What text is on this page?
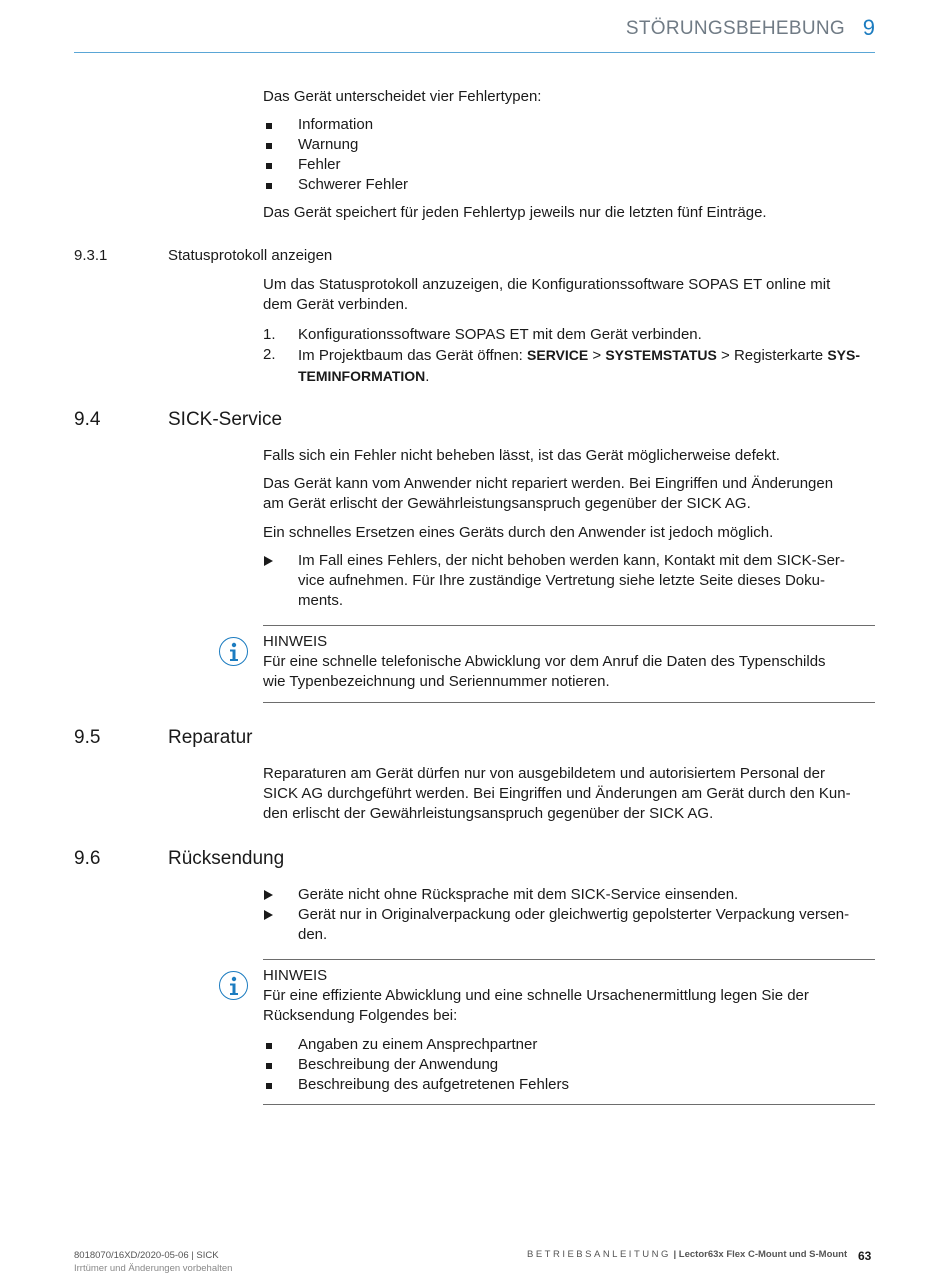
STÖRUNGSBEHEBUNG 9
Das Gerät unterscheidet vier Fehlertypen:
Information
Warnung
Fehler
Schwerer Fehler
Das Gerät speichert für jeden Fehlertyp jeweils nur die letzten fünf Einträge.
9.3.1	Statusprotokoll anzeigen
Um das Statusprotokoll anzuzeigen, die Konfigurationssoftware SOPAS ET online mit
dem Gerät verbinden.
1.	Konfigurationssoftware SOPAS ET mit dem Gerät verbinden.
2.	Im Projektbaum das Gerät öffnen: SERVICE > SYSTEMSTATUS > Registerkarte SYS-
TEMINFORMATION.
9.4	SICK-Service
Falls sich ein Fehler nicht beheben lässt, ist das Gerät möglicherweise defekt.
Das Gerät kann vom Anwender nicht repariert werden. Bei Eingriffen und Änderungen
am Gerät erlischt der Gewährleistungsanspruch gegenüber der SICK AG.
Ein schnelles Ersetzen eines Geräts durch den Anwender ist jedoch möglich.
Im Fall eines Fehlers, der nicht behoben werden kann, Kontakt mit dem SICK-Ser-
vice aufnehmen. Für Ihre zuständige Vertretung siehe letzte Seite dieses Doku-
ments.
HINWEIS
Für eine schnelle telefonische Abwicklung vor dem Anruf die Daten des Typenschilds
wie Typenbezeichnung und Seriennummer notieren.
9.5	Reparatur
Reparaturen am Gerät dürfen nur von ausgebildetem und autorisiertem Personal der
SICK AG durchgeführt werden. Bei Eingriffen und Änderungen am Gerät durch den Kun-
den erlischt der Gewährleistungsanspruch gegenüber der SICK AG.
9.6	Rücksendung
Geräte nicht ohne Rücksprache mit dem SICK-Service einsenden.
Gerät nur in Originalverpackung oder gleichwertig gepolsterter Verpackung versen-
den.
HINWEIS
Für eine effiziente Abwicklung und eine schnelle Ursachenermittlung legen Sie der
Rücksendung Folgendes bei:
Angaben zu einem Ansprechpartner
Beschreibung der Anwendung
Beschreibung des aufgetretenen Fehlers
8018070/16XD/2020-05-06 | SICK
Irrtümer und Änderungen vorbehalten
BETRIEBSANLEITUNG | Lector63x Flex C-Mount und S-Mount 63
